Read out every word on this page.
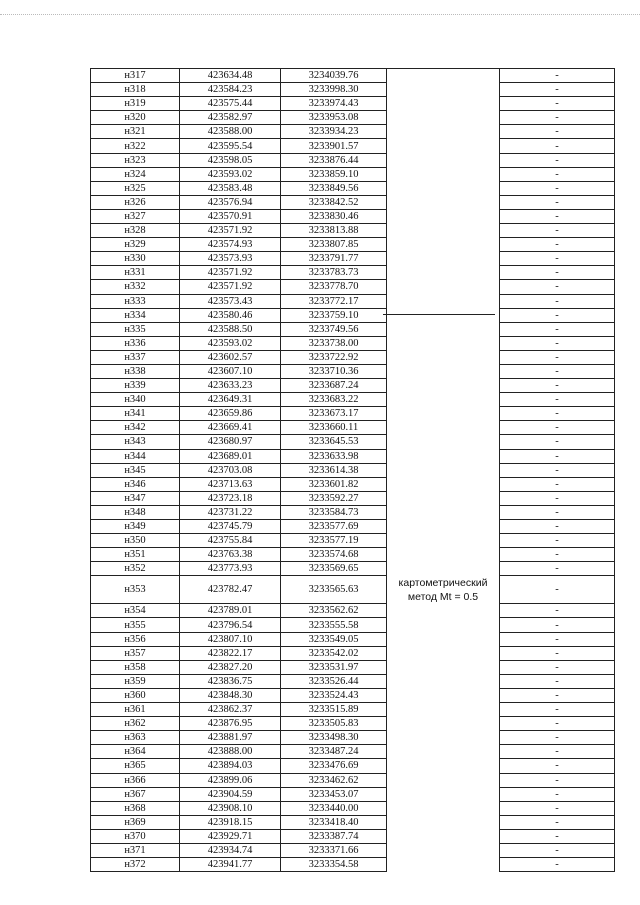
н317	423634.48	3234039.76		-
н318	423584.23	3233998.30		-
н319	423575.44	3233974.43		-
н320	423582.97	3233953.08		-
н321	423588.00	3233934.23		-
н322	423595.54	3233901.57		-
н323	423598.05	3233876.44		-
н324	423593.02	3233859.10		-
н325	423583.48	3233849.56		-
н326	423576.94	3233842.52		-
н327	423570.91	3233830.46		-
н328	423571.92	3233813.88		-
н329	423574.93	3233807.85		-
н330	423573.93	3233791.77		-
н331	423571.92	3233783.73		-
н332	423571.92	3233778.70		-
н333	423573.43	3233772.17		-
н334	423580.46	3233759.10		-
н335	423588.50	3233749.56		-
н336	423593.02	3233738.00		-
н337	423602.57	3233722.92		-
н338	423607.10	3233710.36		-
н339	423633.23	3233687.24		-
н340	423649.31	3233683.22		-
н341	423659.86	3233673.17		-
н342	423669.41	3233660.11		-
н343	423680.97	3233645.53		-
н344	423689.01	3233633.98		-
н345	423703.08	3233614.38		-
н346	423713.63	3233601.82		-
н347	423723.18	3233592.27		-
н348	423731.22	3233584.73		-
н349	423745.79	3233577.69		-
н350	423755.84	3233577.19		-
н351	423763.38	3233574.68		-
н352	423773.93	3233569.65		-
н353	423782.47	3233565.63	картометрический
метод Mt = 0.5	-
н354	423789.01	3233562.62		-
н355	423796.54	3233555.58		-
н356	423807.10	3233549.05		-
н357	423822.17	3233542.02		-
н358	423827.20	3233531.97		-
н359	423836.75	3233526.44		-
н360	423848.30	3233524.43		-
н361	423862.37	3233515.89		-
н362	423876.95	3233505.83		-
н363	423881.97	3233498.30		-
н364	423888.00	3233487.24		-
н365	423894.03	3233476.69		-
н366	423899.06	3233462.62		-
н367	423904.59	3233453.07		-
н368	423908.10	3233440.00		-
н369	423918.15	3233418.40		-
н370	423929.71	3233387.74		-
н371	423934.74	3233371.66		-
н372	423941.77	3233354.58		-
